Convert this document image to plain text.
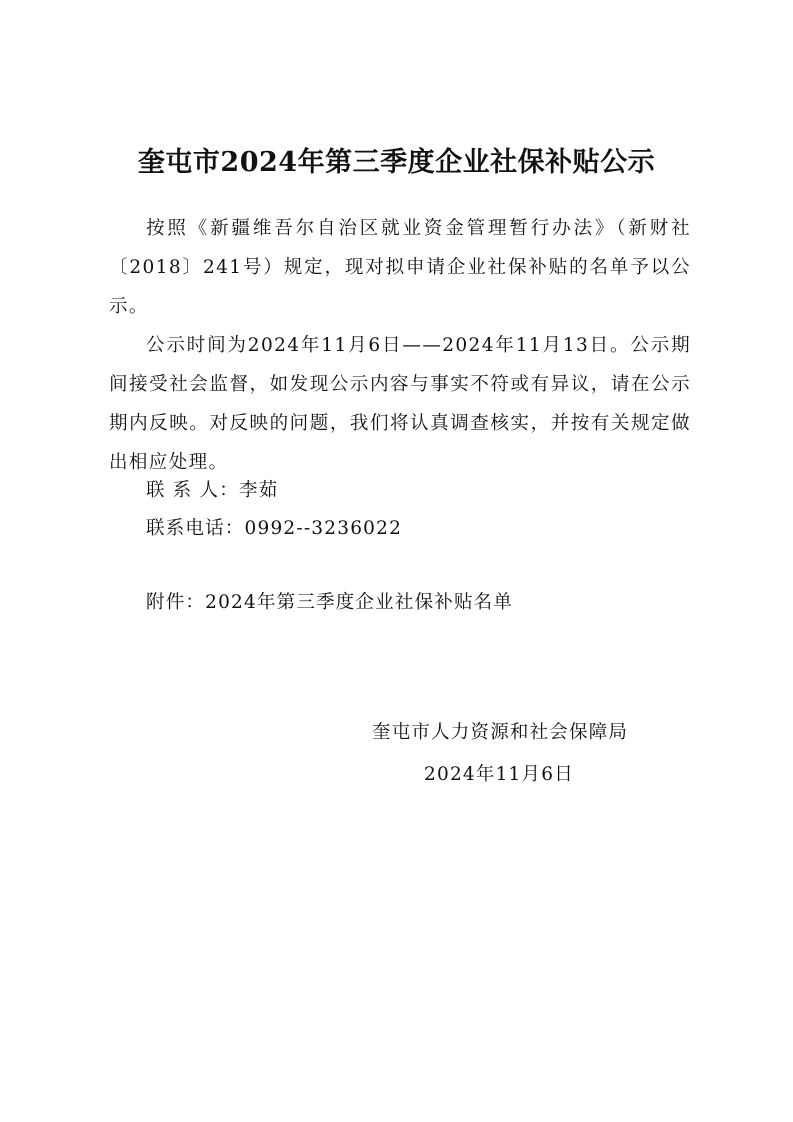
奎屯市2024年第三季度企业社保补贴公示

按照《新疆维吾尔自治区就业资金管理暂行办法》（新财社〔2018〕241号）规定，现对拟申请企业社保补贴的名单予以公示。

公示时间为2024年11月6日——2024年11月13日。公示期间接受社会监督，如发现公示内容与事实不符或有异议，请在公示期内反映。对反映的问题，我们将认真调查核实，并按有关规定做出相应处理。

联 系 人：李茹
联系电话：0992--3236022
附件：2024年第三季度企业社保补贴名单
奎屯市人力资源和社会保障局
2024年11月6日
